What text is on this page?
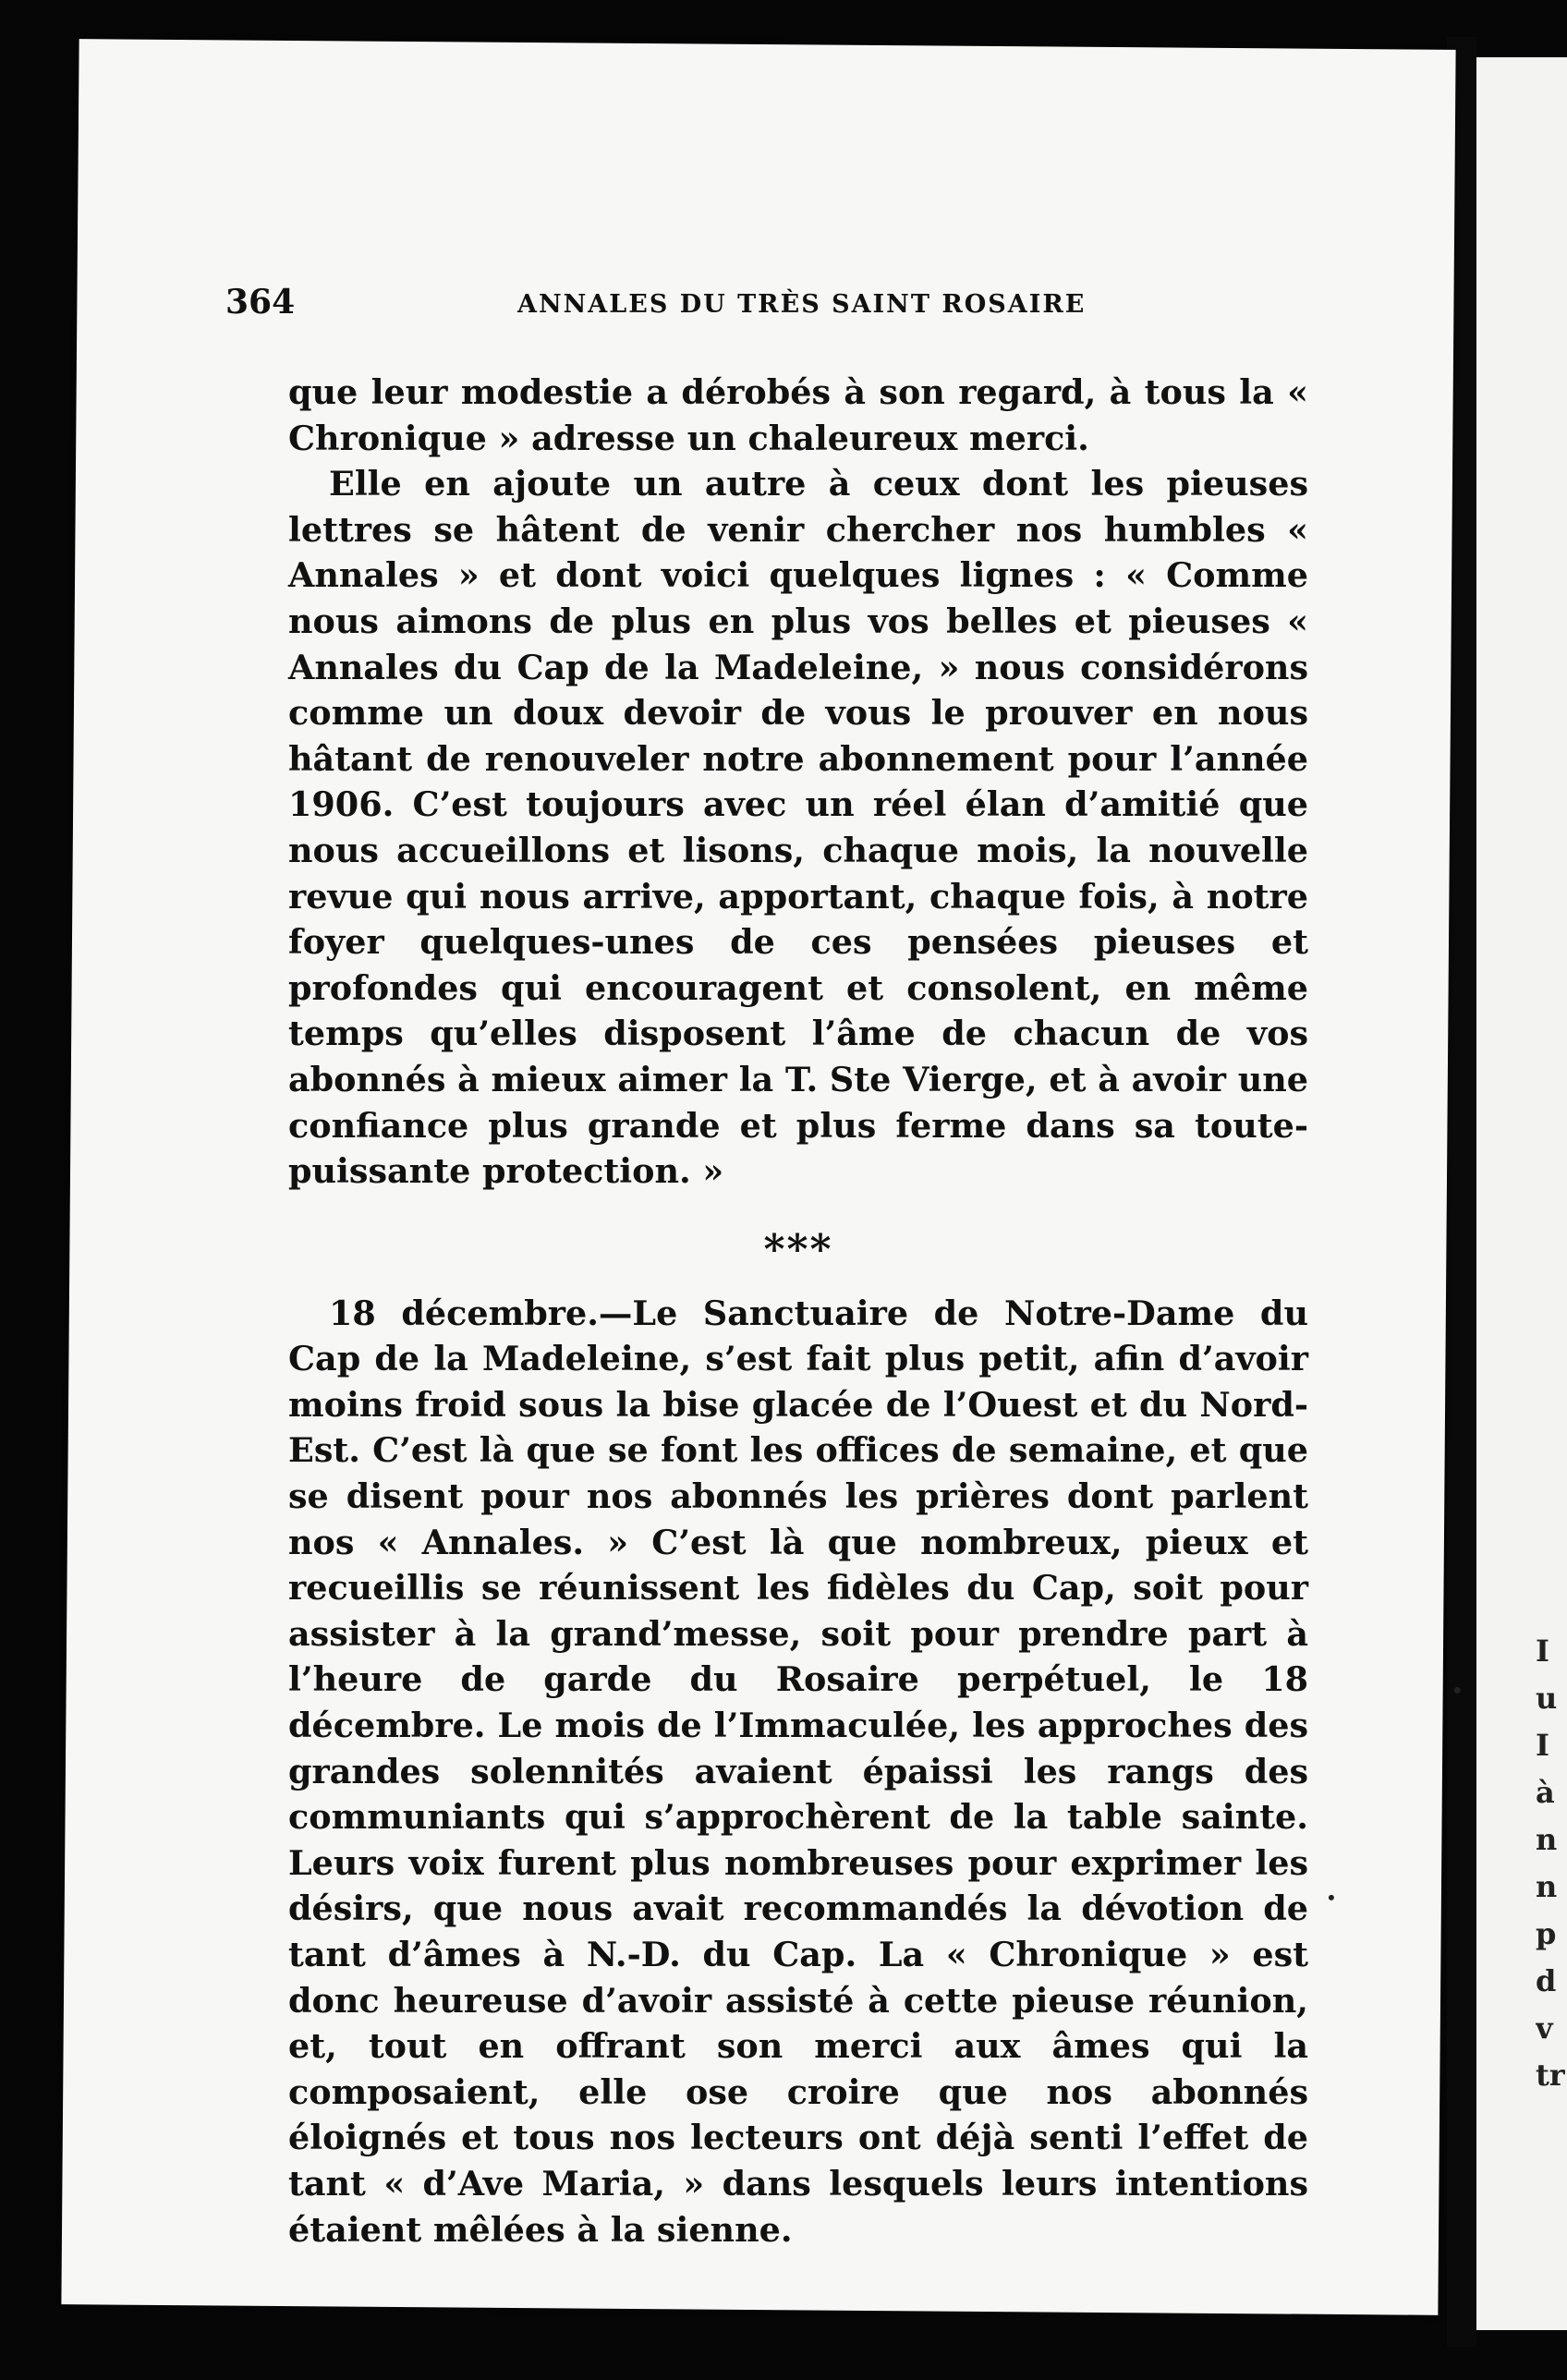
I
u
I
à
n
n
p
d
v
tr
364	ANNALES DU TRÈS SAINT ROSAIRE

que leur modestie a dérobés à son regard, à tous la « Chronique » adresse un chaleureux merci.

Elle en ajoute un autre à ceux dont les pieuses lettres se hâtent de venir chercher nos humbles « Annales » et dont voici quelques lignes : « Comme nous aimons de plus en plus vos belles et pieuses « Annales du Cap de la Madeleine, » nous considérons comme un doux devoir de vous le prouver en nous hâtant de renouveler notre abonnement pour l’année 1906. C’est toujours avec un réel élan d’amitié que nous accueillons et lisons, chaque mois, la nouvelle revue qui nous arrive, apportant, chaque fois, à notre foyer quelques-unes de ces pensées pieuses et profondes qui encouragent et consolent, en même temps qu’elles disposent l’âme de chacun de vos abonnés à mieux aimer la T. Ste Vierge, et à avoir une confiance plus grande et plus ferme dans sa toute-puissante protection. »

***

18 décembre.—Le Sanctuaire de Notre-Dame du Cap de la Madeleine, s’est fait plus petit, afin d’avoir moins froid sous la bise glacée de l’Ouest et du Nord-Est. C’est là que se font les offices de semaine, et que se disent pour nos abonnés les prières dont parlent nos « Annales. » C’est là que nombreux, pieux et recueillis se réunissent les fidèles du Cap, soit pour assister à la grand’messe, soit pour prendre part à l’heure de garde du Rosaire perpétuel, le 18 décembre. Le mois de l’Immaculée, les approches des grandes solennités avaient épaissi les rangs des communiants qui s’approchèrent de la table sainte. Leurs voix furent plus nombreuses pour exprimer les désirs, que nous avait recommandés la dévotion de tant d’âmes à N.-D. du Cap. La « Chronique » est donc heureuse d’avoir assisté à cette pieuse réunion, et, tout en offrant son merci aux âmes qui la composaient, elle ose croire que nos abonnés éloignés et tous nos lecteurs ont déjà senti l’effet de tant « d’Ave Maria, » dans lesquels leurs intentions étaient mêlées à la sienne.
